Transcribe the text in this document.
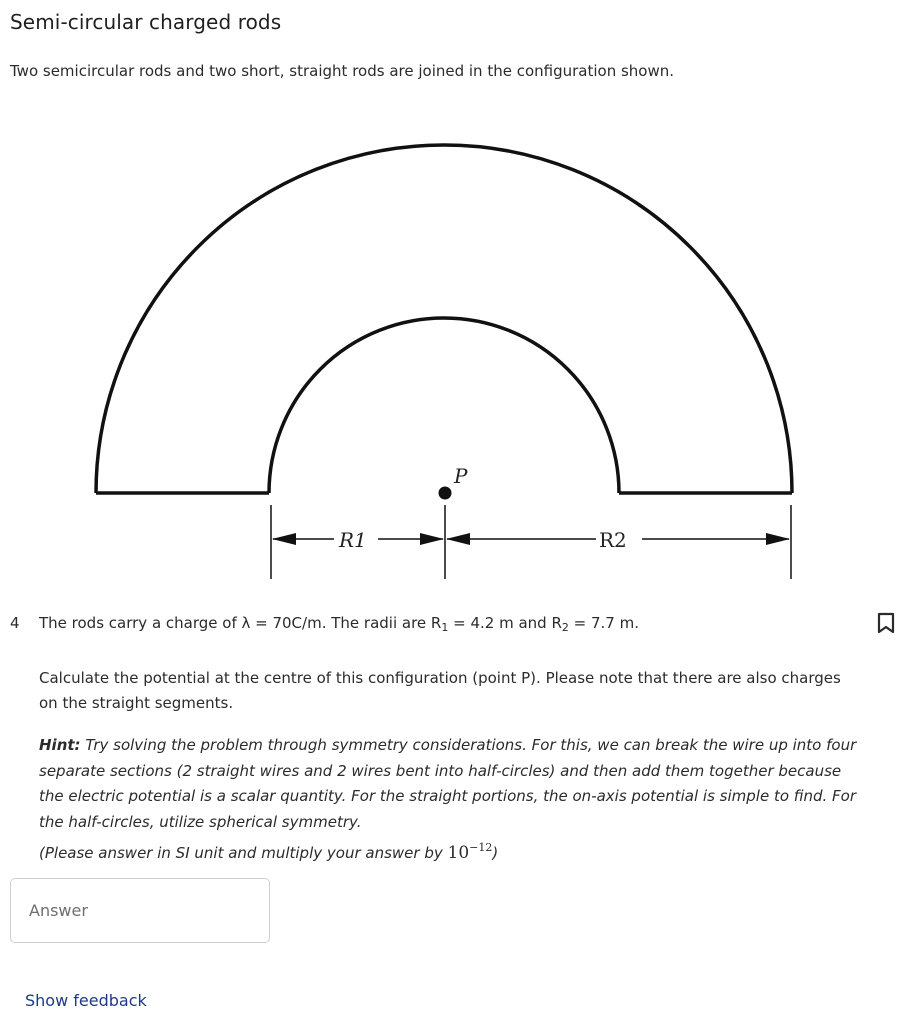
Semi-circular charged rods

Two semicircular rods and two short, straight rods are joined in the configuration shown.

P
R1	R2
4 The rods carry a charge of λ = 70C/m. The radii are $R_1 = 4.2$ m and $R_2 = 7.7$ m.

Calculate the potential at the centre of this configuration (point P). Please note that there are also charges on the straight segments.

Hint: Try solving the problem through symmetry considerations. For this, we can break the wire up into four separate sections (2 straight wires and 2 wires bent into half-circles) and then add them together because the electric potential is a scalar quantity. For the straight portions, the on-axis potential is simple to find. For the half-circles, utilize spherical symmetry.
(Please answer in SI unit and multiply your answer by $10^{-12}$)

Answer
Show feedback
